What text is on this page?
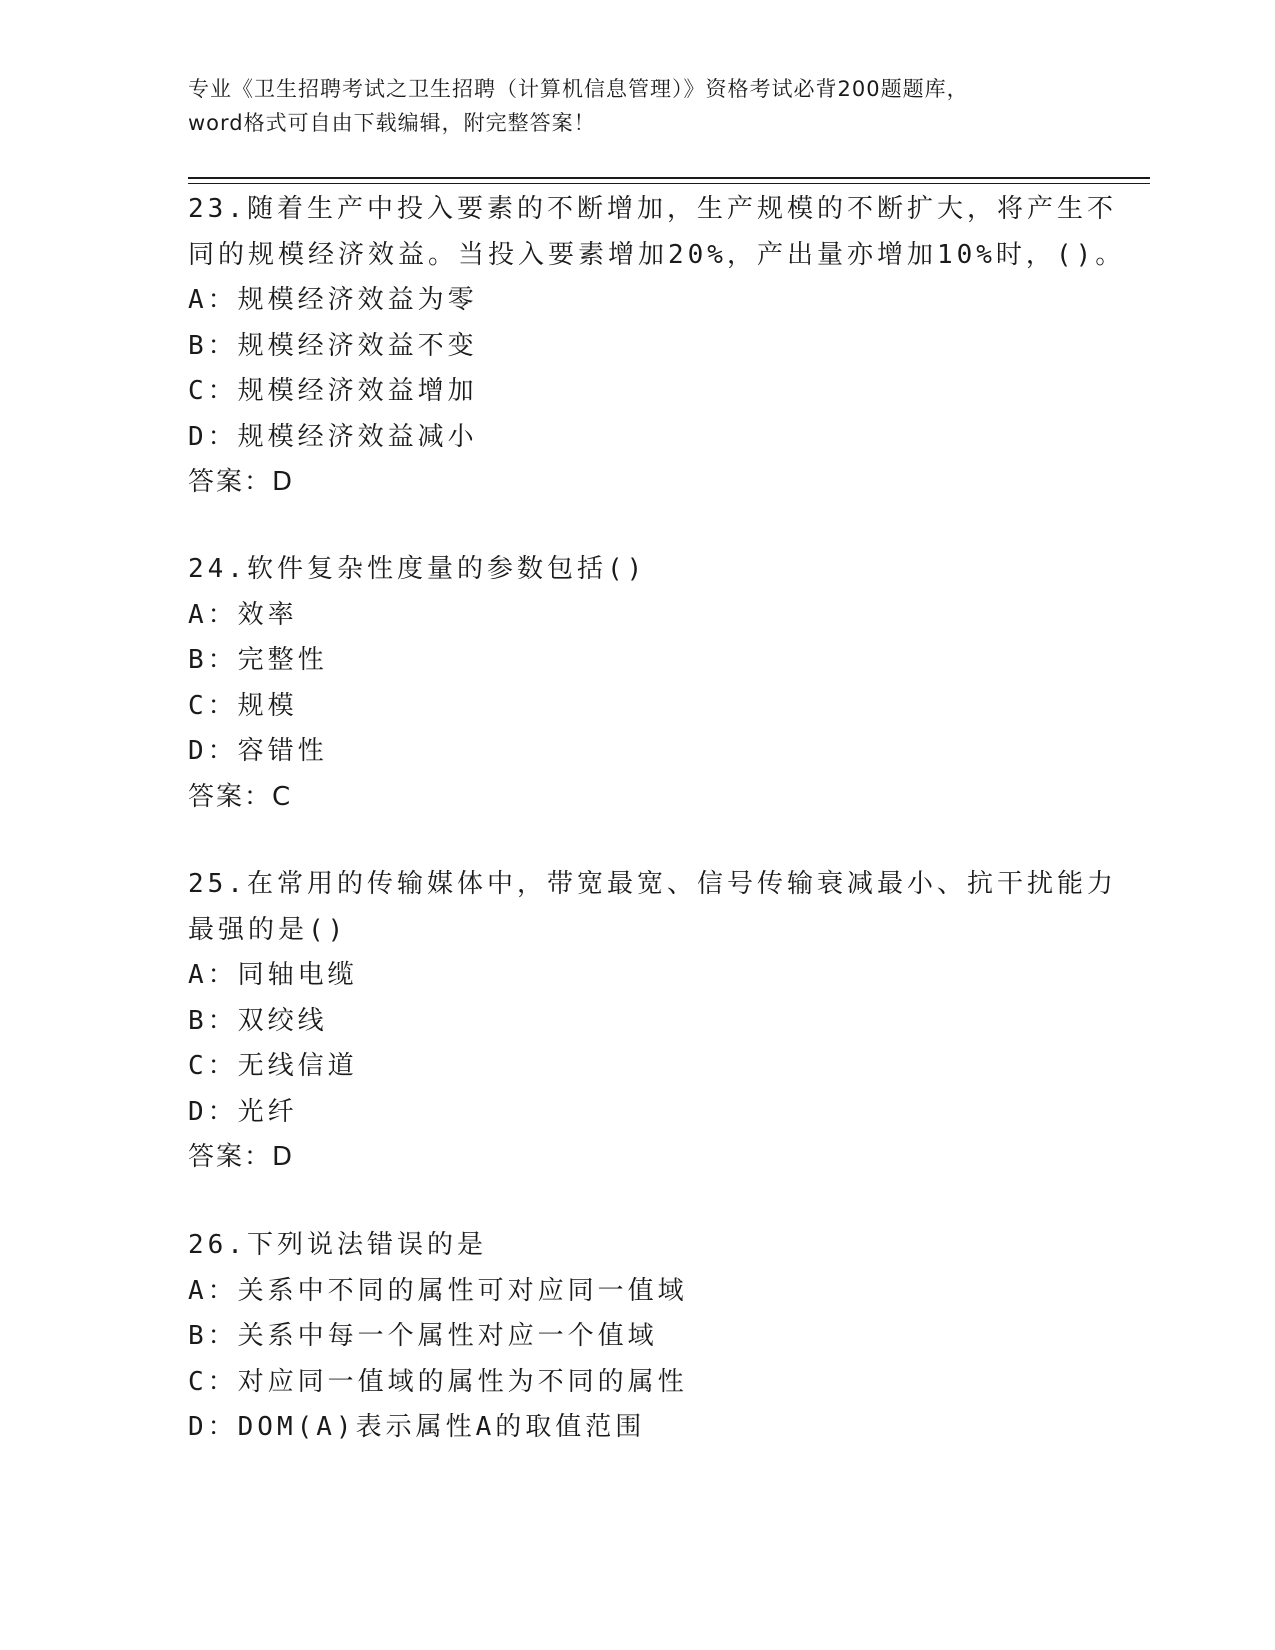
专业《卫生招聘考试之卫生招聘（计算机信息管理）》资格考试必背200题题库，
word格式可自由下载编辑，附完整答案！
23.随着生产中投入要素的不断增加，生产规模的不断扩大，将产生不
同的规模经济效益。当投入要素增加20%，产出量亦增加10%时，()。
A：规模经济效益为零
B：规模经济效益不变
C：规模经济效益增加
D：规模经济效益减小
答案：D
24.软件复杂性度量的参数包括()
A：效率
B：完整性
C：规模
D：容错性
答案：C
25.在常用的传输媒体中，带宽最宽、信号传输衰减最小、抗干扰能力
最强的是()
A：同轴电缆
B：双绞线
C：无线信道
D：光纤
答案：D
26.下列说法错误的是
A：关系中不同的属性可对应同一值域
B：关系中每一个属性对应一个值域
C：对应同一值域的属性为不同的属性
D：DOM(A)表示属性A的取值范围
